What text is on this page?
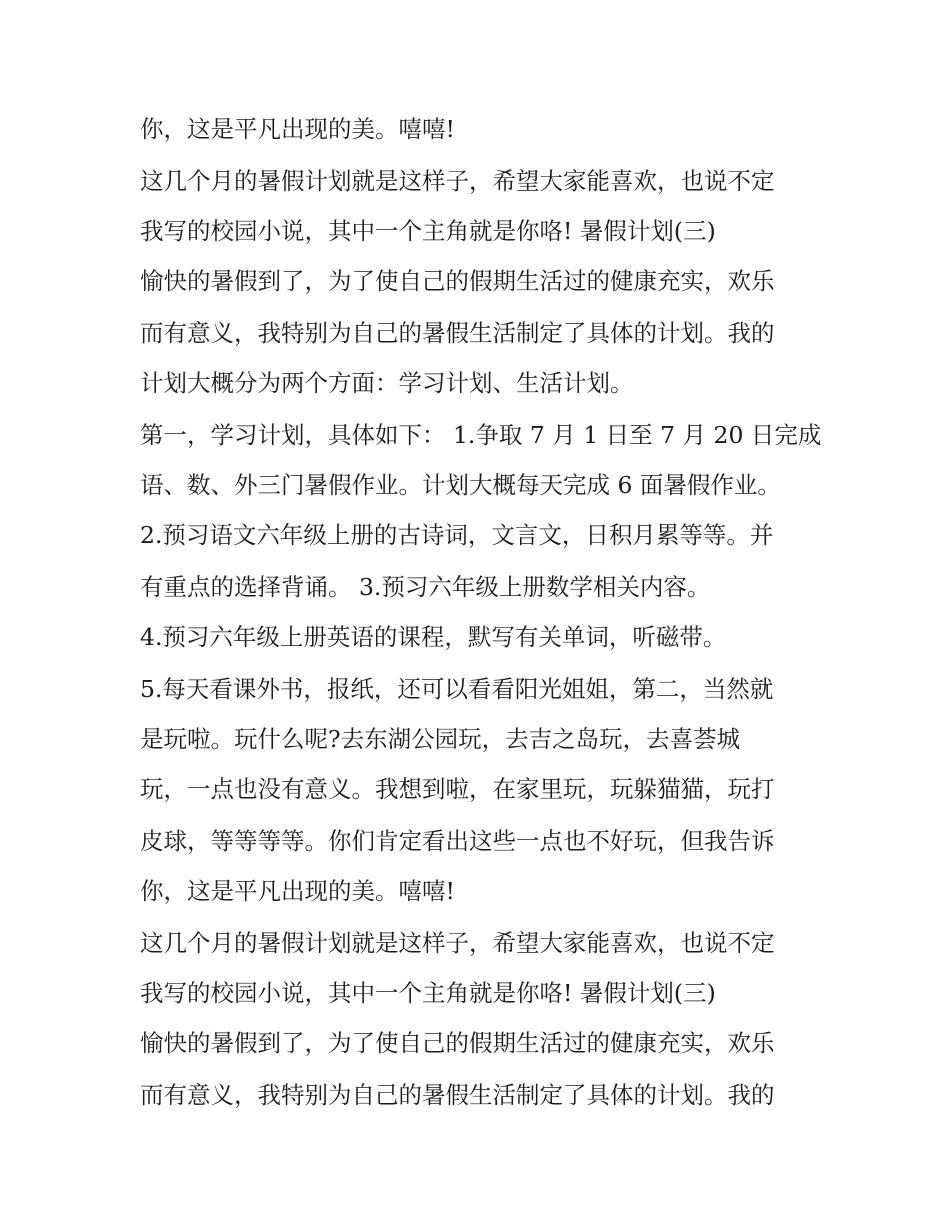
你，这是平凡出现的美。嘻嘻!
这几个月的暑假计划就是这样子，希望大家能喜欢，也说不定
我写的校园小说，其中一个主角就是你咯! 暑假计划(三)
愉快的暑假到了，为了使自己的假期生活过的健康充实，欢乐
而有意义，我特别为自己的暑假生活制定了具体的计划。我的
计划大概分为两个方面：学习计划、生活计划。
第一，学习计划，具体如下： 1.争取 7 月 1 日至 7 月 20 日完成
语、数、外三门暑假作业。计划大概每天完成 6 面暑假作业。
2.预习语文六年级上册的古诗词，文言文，日积月累等等。并
有重点的选择背诵。 3.预习六年级上册数学相关内容。
4.预习六年级上册英语的课程，默写有关单词，听磁带。
5.每天看课外书，报纸，还可以看看阳光姐姐，第二，当然就
是玩啦。玩什么呢?去东湖公园玩，去吉之岛玩，去喜荟城
玩，一点也没有意义。我想到啦，在家里玩，玩躲猫猫，玩打
皮球，等等等等。你们肯定看出这些一点也不好玩，但我告诉
你，这是平凡出现的美。嘻嘻!
这几个月的暑假计划就是这样子，希望大家能喜欢，也说不定
我写的校园小说，其中一个主角就是你咯! 暑假计划(三)
愉快的暑假到了，为了使自己的假期生活过的健康充实，欢乐
而有意义，我特别为自己的暑假生活制定了具体的计划。我的
